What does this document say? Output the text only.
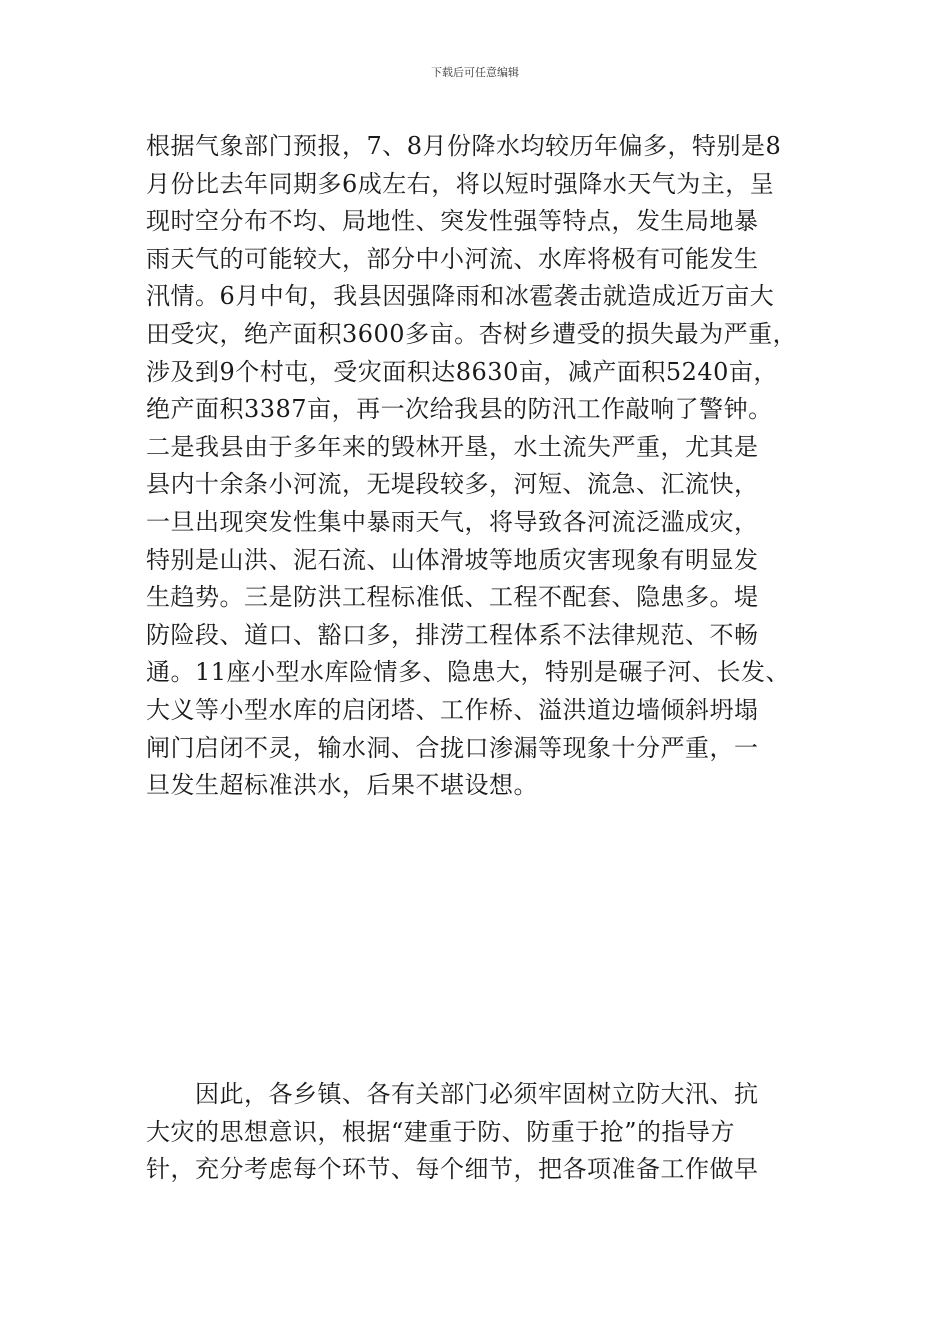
下载后可任意编辑
根据气象部门预报，7、8月份降水均较历年偏多，特别是8
月份比去年同期多6成左右，将以短时强降水天气为主，呈
现时空分布不均、局地性、突发性强等特点，发生局地暴
雨天气的可能较大，部分中小河流、水库将极有可能发生
汛情。6月中旬，我县因强降雨和冰雹袭击就造成近万亩大
田受灾，绝产面积3600多亩。杏树乡遭受的损失最为严重，
涉及到9个村屯，受灾面积达8630亩，减产面积5240亩，
绝产面积3387亩，再一次给我县的防汛工作敲响了警钟。
二是我县由于多年来的毁林开垦，水土流失严重，尤其是
县内十余条小河流，无堤段较多，河短、流急、汇流快，
一旦出现突发性集中暴雨天气，将导致各河流泛滥成灾，
特别是山洪、泥石流、山体滑坡等地质灾害现象有明显发
生趋势。三是防洪工程标准低、工程不配套、隐患多。堤
防险段、道口、豁口多，排涝工程体系不法律规范、不畅
通。11座小型水库险情多、隐患大，特别是碾子河、长发、
大义等小型水库的启闭塔、工作桥、溢洪道边墙倾斜坍塌
闸门启闭不灵，输水洞、合拢口渗漏等现象十分严重，一
旦发生超标准洪水，后果不堪设想。
　　因此，各乡镇、各有关部门必须牢固树立防大汛、抗
大灾的思想意识，根据“建重于防、防重于抢”的指导方
针，充分考虑每个环节、每个细节，把各项准备工作做早
